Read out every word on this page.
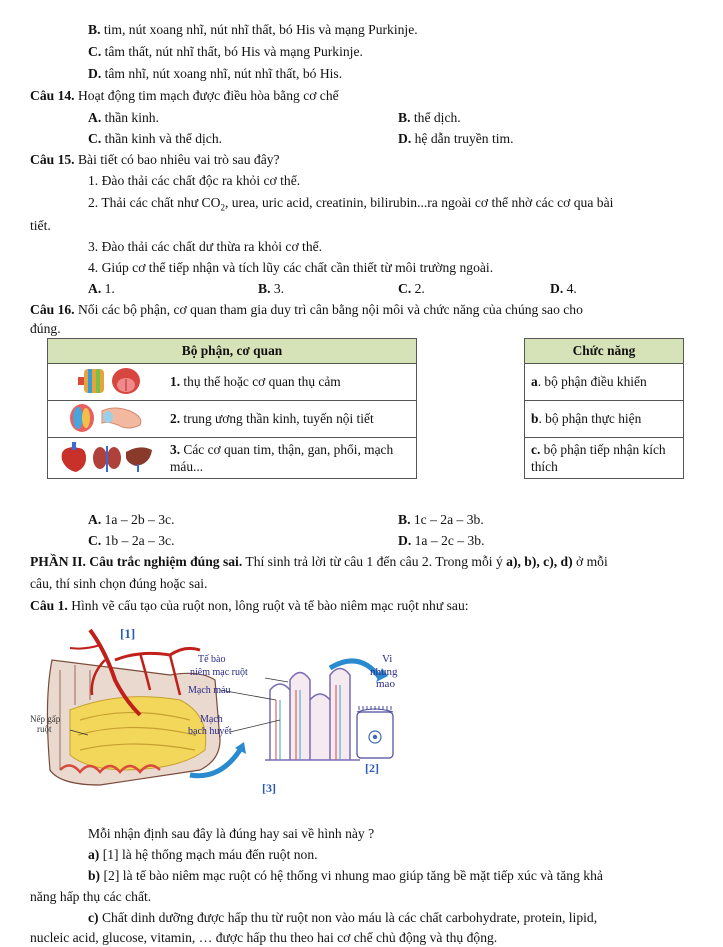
B. tim, nút xoang nhĩ, nút nhĩ thất, bó His và mạng Purkinje.
C. tâm thất, nút nhĩ thất, bó His và mạng Purkinje.
D. tâm nhĩ, nút xoang nhĩ, nút nhĩ thất, bó His.
Câu 14. Hoạt động tim mạch được điều hòa bằng cơ chế
A. thần kinh.	B. thể dịch.
C. thần kinh và thể dịch.	D. hệ dẫn truyền tim.
Câu 15. Bài tiết có bao nhiêu vai trò sau đây?
1. Đào thải các chất độc ra khỏi cơ thể.
2. Thải các chất như $CO_2$, urea, uric acid, creatinin, bilirubin...ra ngoài cơ thể nhờ các cơ qua bài
tiết.
3. Đào thải các chất dư thừa ra khỏi cơ thể.
4. Giúp cơ thể tiếp nhận và tích lũy các chất cần thiết từ môi trường ngoài.
A. 1.	B. 3.	C. 2.	D. 4.
Câu 16. Nối các bộ phận, cơ quan tham gia duy trì cân bằng nội môi và chức năng của chúng sao cho
đúng.
Bộ phận, cơ quan	
	1. thụ thể hoặc cơ quan thụ cảm
	2. trung ương thần kinh, tuyến nội tiết
	3. Các cơ quan tim, thận, gan, phổi, mạch máu...
Chức năng
a. bộ phận điều khiển
b. bộ phận thực hiện
c. bộ phận tiếp nhận kích thích
A. 1a – 2b – 3c.	B. 1c – 2a – 3b.
C. 1b – 2a – 3c.	D. 1a – 2c – 3b.
PHẦN II. Câu trắc nghiệm đúng sai. Thí sinh trả lời từ câu 1 đến câu 2. Trong mỗi ý a), b), c), d) ở mỗi
câu, thí sinh chọn đúng hoặc sai.
Câu 1. Hình vẽ cấu tạo của ruột non, lông ruột và tế bào niêm mạc ruột như sau:
[1]
[2]
[3]
Tế bào
niêm mạc ruột
Mạch máu
Mạch
bạch huyết
Vi
nhung
mao
Nếp gấp
ruột
Mỗi nhận định sau đây là đúng hay sai về hình này ?
a) [1] là hệ thống mạch máu đến ruột non.
b) [2] là tế bào niêm mạc ruột có hệ thống vi nhung mao giúp tăng bề mặt tiếp xúc và tăng khả
năng hấp thụ các chất.
c) Chất dinh dưỡng được hấp thu từ ruột non vào máu là các chất carbohydrate, protein, lipid,
nucleic acid, glucose, vitamin, … được hấp thu theo hai cơ chế chủ động và thụ động.
